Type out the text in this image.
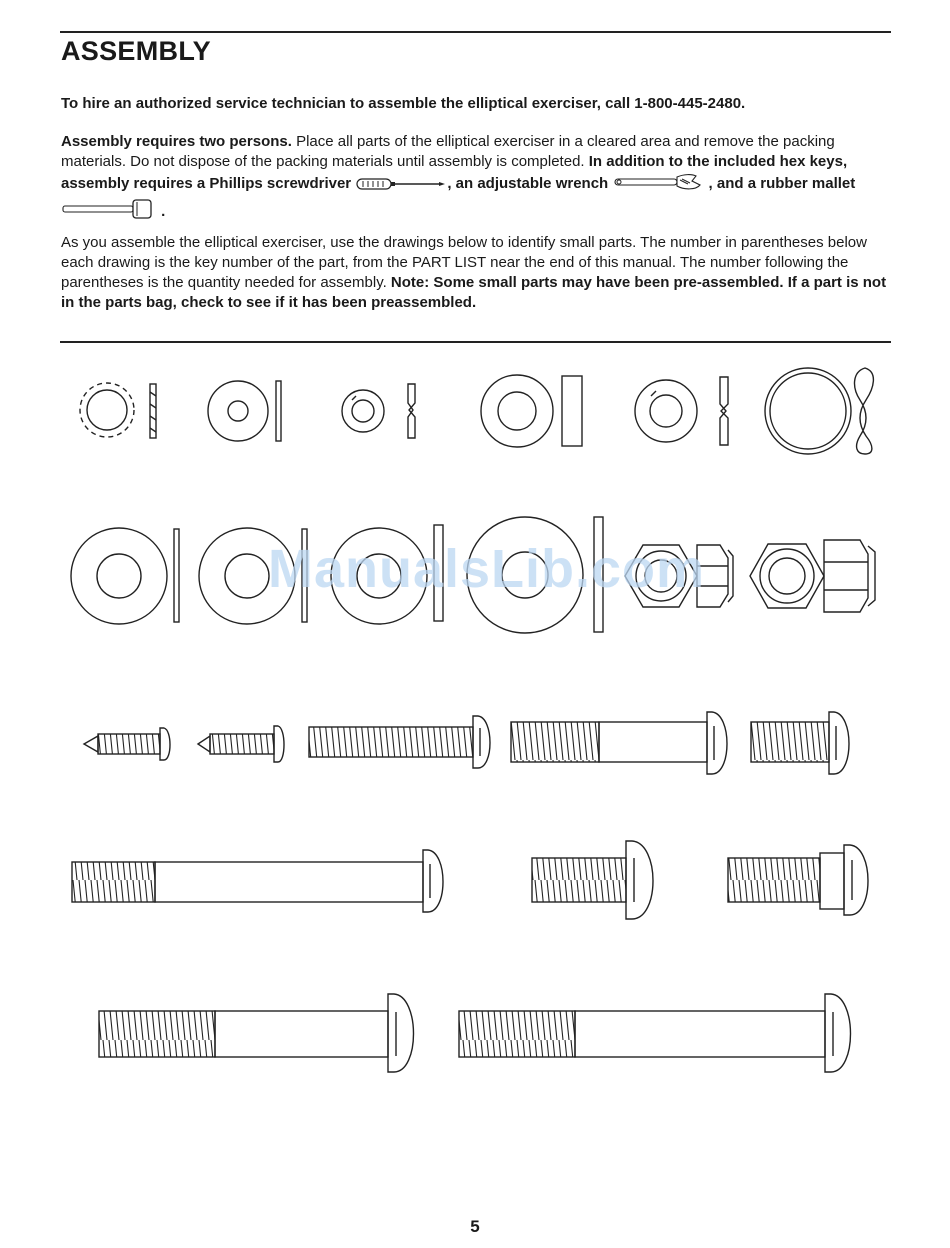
ASSEMBLY

To hire an authorized service technician to assemble the elliptical exerciser, call 1-800-445-2480.

Assembly requires two persons. Place all parts of the elliptical exerciser in a cleared area and remove the packing materials. Do not dispose of the packing materials until assembly is completed. In addition to the included hex keys, assembly requires a Phillips screwdriver	, an adjustable wrench	, and a rubber mallet  .

As you assemble the elliptical exerciser, use the drawings below to identify small parts. The number in parentheses below each drawing is the key number of the part, from the PART LIST near the end of this manual. The number following the parentheses is the quantity needed for assembly. Note: Some small parts may have been pre-assembled. If a part is not in the parts bag, check to see if it has been preassembled.

ManualsLib.com
5
